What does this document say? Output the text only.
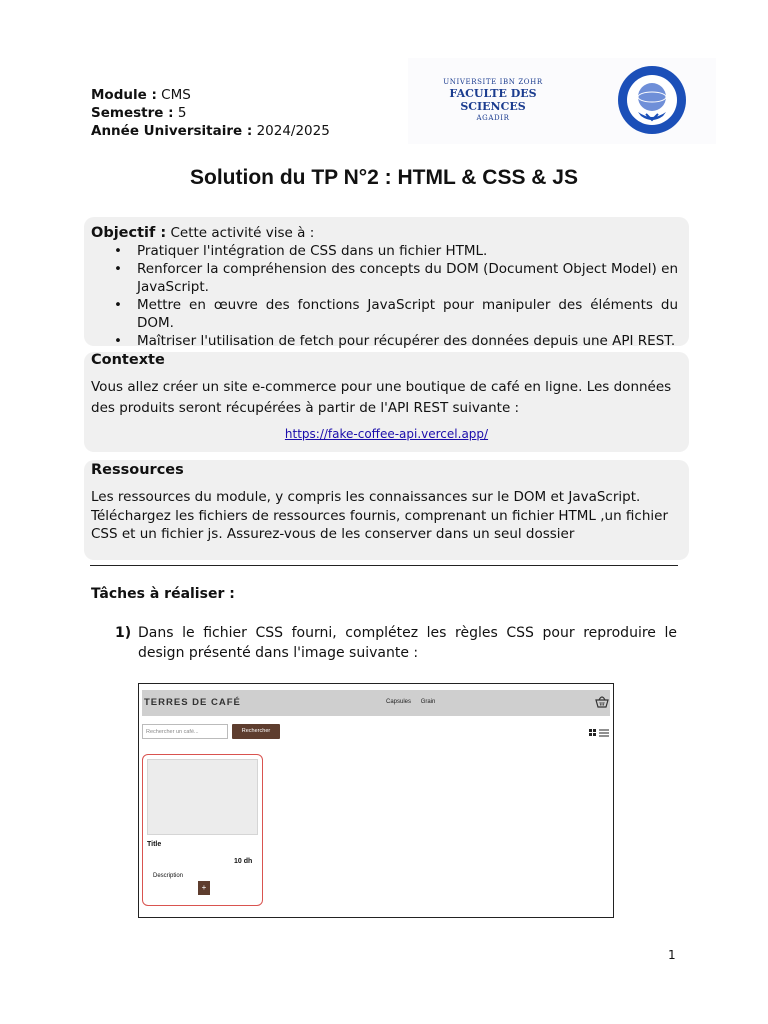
Module : CMS
Semestre : 5
Année Universitaire : 2024/2025
UNIVERSITE IBN ZOHR
FACULTE DES SCIENCES
AGADIR
Solution du TP N°2 : HTML & CSS & JS
Objectif : Cette activité vise à :
• Pratiquer l'intégration de CSS dans un fichier HTML.
• Renforcer la compréhension des concepts du DOM (Document Object Model) en JavaScript.
• Mettre en œuvre des fonctions JavaScript pour manipuler des éléments du DOM.
• Maîtriser l'utilisation de fetch pour récupérer des données depuis une API REST.
Contexte
Vous allez créer un site e-commerce pour une boutique de café en ligne. Les données des produits seront récupérées à partir de l'API REST suivante :
https://fake-coffee-api.vercel.app/
Ressources
Les ressources du module, y compris les connaissances sur le DOM et JavaScript. Téléchargez les fichiers de ressources fournis, comprenant un fichier HTML ,un fichier CSS et un fichier js. Assurez-vous de les conserver dans un seul dossier
Tâches à réaliser :
1) Dans le fichier CSS fourni, complétez les règles CSS pour reproduire le design présenté dans l'image suivante :
TERRES DE CAFÉ	Capsules Grain
Rechercher un café...	Rechercher
Title
10 dh
Description
+
1
